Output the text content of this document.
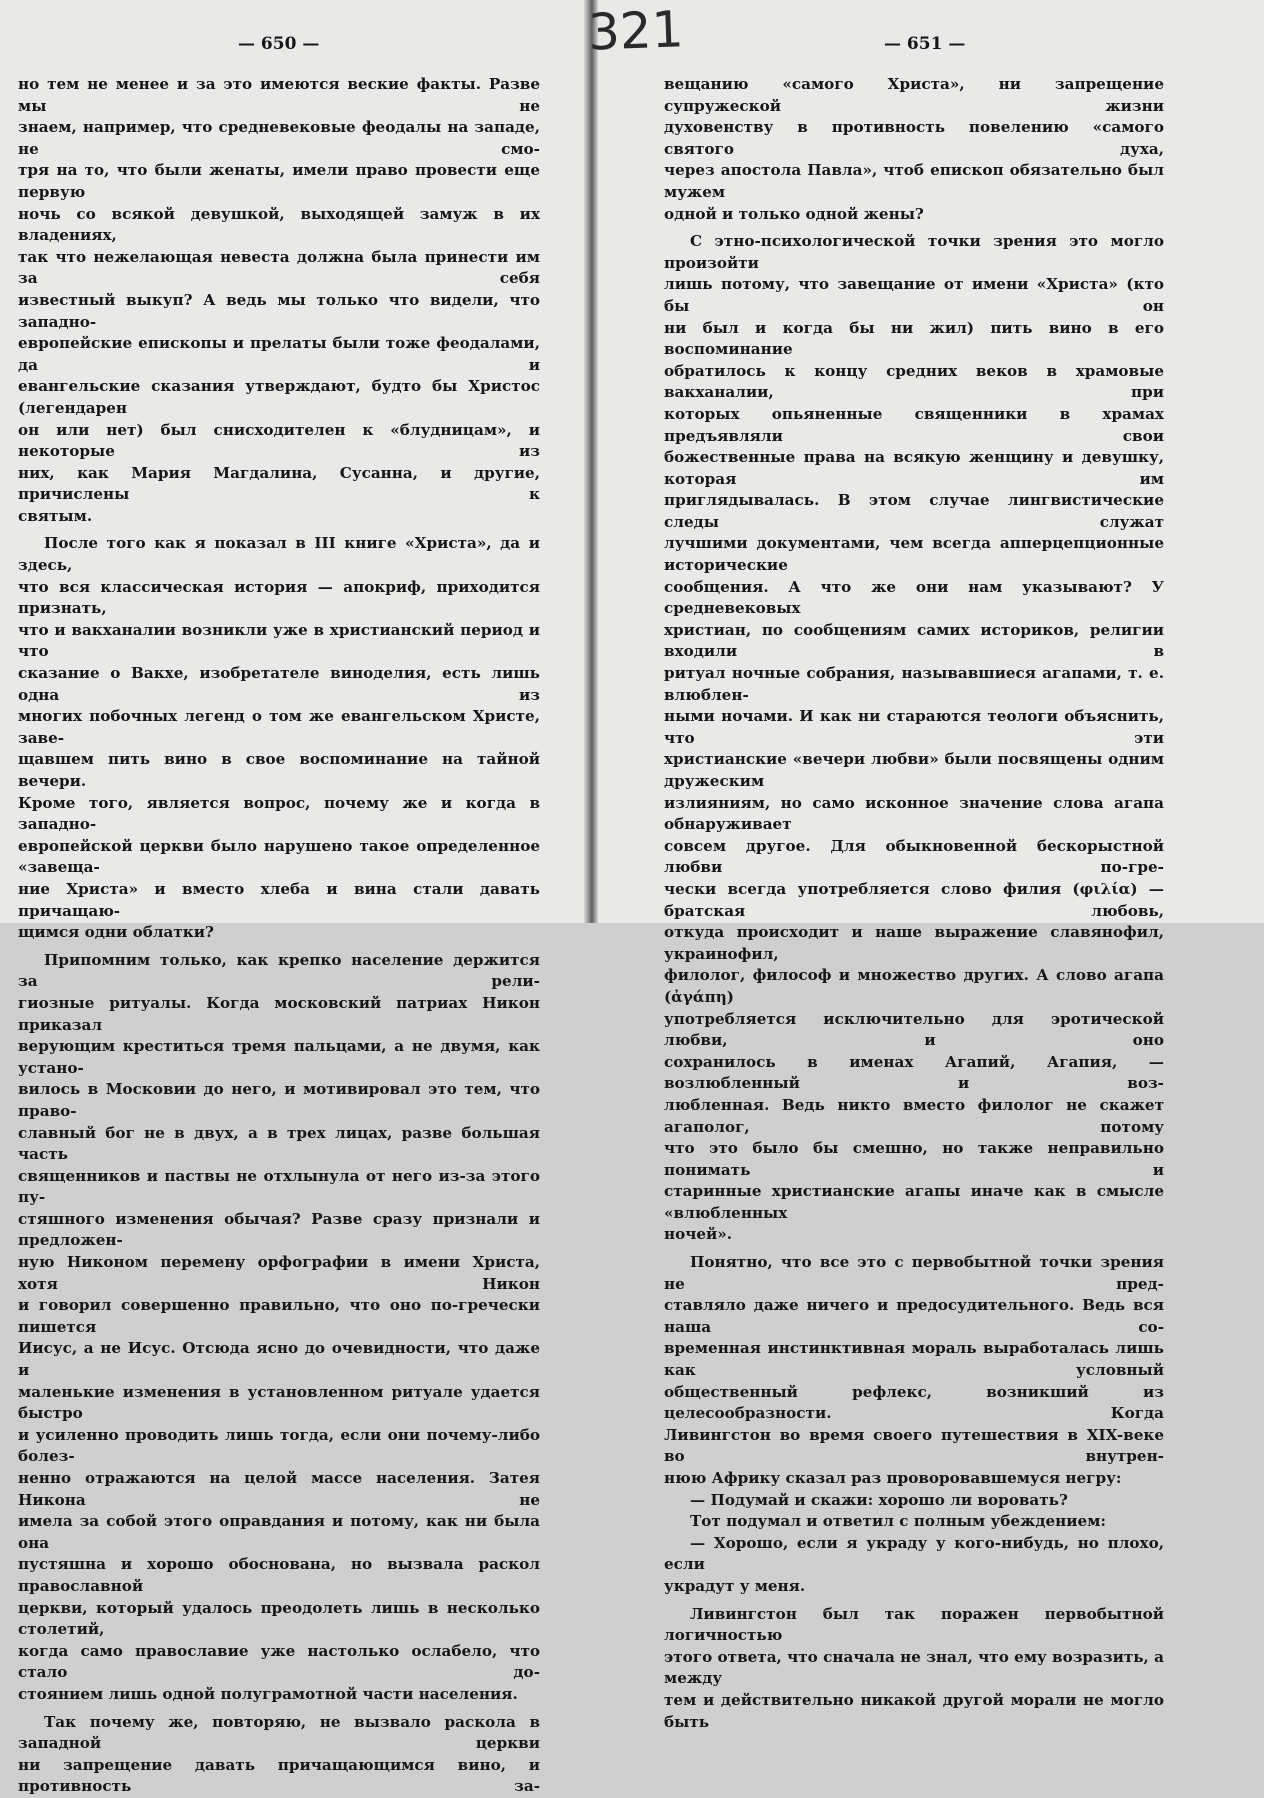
— 650 —

но тем не менее и за это имеются веские факты. Разве мы не

знаем, например, что средневековые феодалы на западе, не смо-

тря на то, что были женаты, имели право провести еще первую

ночь со всякой девушкой, выходящей замуж в их владениях,

так что нежелающая невеста должна была принести им за себя

известный выкуп? А ведь мы только что видели, что западно-

европейские епископы и прелаты были тоже феодалами, да и

евангельские сказания утверждают, будто бы Христос (легендарен

он или нет) был снисходителен к «блудницам», и некоторые из

них, как Мария Магдалина, Сусанна, и другие, причислены к

святым.

После того как я показал в III книге «Христа», да и здесь,

что вся классическая история — апокриф, приходится признать,

что и вакханалии возникли уже в христианский период и что

сказание о Вакхе, изобретателе виноделия, есть лишь одна из

многих побочных легенд о том же евангельском Христе, заве-

щавшем пить вино в свое воспоминание на тайной вечери.

Кроме того, является вопрос, почему же и когда в западно-

европейской церкви было нарушено такое определенное «завеща-

ние Христа» и вместо хлеба и вина стали давать причащаю-

щимся одни облатки?

Припомним только, как крепко население держится за рели-

гиозные ритуалы. Когда московский патриах Никон приказал

верующим креститься тремя пальцами, а не двумя, как устано-

вилось в Московии до него, и мотивировал это тем, что право-

славный бог не в двух, а в трех лицах, разве большая часть

священников и паствы не отхлынула от него из-за этого пу-

стяшного изменения обычая? Разве сразу признали и предложен-

ную Никоном перемену орфографии в имени Христа, хотя Никон

и говорил совершенно правильно, что оно по-гречески пишется

Иисус, а не Исус. Отсюда ясно до очевидности, что даже и

маленькие изменения в установленном ритуале удается быстро

и усиленно проводить лишь тогда, если они почему-либо болез-

ненно отражаются на целой массе населения. Затея Никона не

имела за собой этого оправдания и потому, как ни была она

пустяшна и хорошо обоснована, но вызвала раскол православной

церкви, который удалось преодолеть лишь в несколько столетий,

когда само православие уже настолько ослабело, что стало до-

стоянием лишь одной полуграмотной части населения.

Так почему же, повторяю, не вызвало раскола в западной церкви

ни запрещение давать причащающимся вино, и противность за-

— 651 —

вещанию «самого Христа», ни запрещение супружеской жизни

духовенству в противность повелению «самого святого духа,

через апостола Павла», чтоб епископ обязательно был мужем

одной и только одной жены?

С этно-психологической точки зрения это могло произойти

лишь потому, что завещание от имени «Христа» (кто бы он

ни был и когда бы ни жил) пить вино в его воспоминание

обратилось к концу средних веков в храмовые вакханалии, при

которых опьяненные священники в храмах предъявляли свои

божественные права на всякую женщину и девушку, которая им

приглядывалась. В этом случае лингвистические следы служат

лучшими документами, чем всегда апперцепционные исторические

сообщения. А что же они нам указывают? У средневековых

христиан, по сообщениям самих историков, религии входили в

ритуал ночные собрания, называвшиеся агапами, т. е. влюблен-

ными ночами. И как ни стараются теологи объяснить, что эти

христианские «вечери любви» были посвящены одним дружеским

излияниям, но само исконное значение слова агапа обнаруживает

совсем другое. Для обыкновенной бескорыстной любви по-гре-

чески всегда употребляется слово филия (φιλία) — братская любовь,

откуда происходит и наше выражение славянофил, украинофил,

филолог, философ и множество других. А слово агапа (ἀγάπη)

употребляется исключительно для эротической любви, и оно

сохранилось в именах Агапий, Агапия, — возлюбленный и воз-

любленная. Ведь никто вместо филолог не скажет агаполог, потому

что это было бы смешно, но также неправильно понимать и

старинные христианские агапы иначе как в смысле «влюбленных

ночей».

Понятно, что все это с первобытной точки зрения не пред-

ставляло даже ничего и предосудительного. Ведь вся наша со-

временная инстинктивная мораль выработалась лишь как условный

общественный рефлекс, возникший из целесообразности. Когда

Ливингстон во время своего путешествия в XIX-веке во внутрен-

нюю Африку сказал раз проворовавшемуся негру:

— Подумай и скажи: хорошо ли воровать?

Тот подумал и ответил с полным убеждением:

— Хорошо, если я украду у кого-нибудь, но плохо, если

украдут у меня.

Ливингстон был так поражен первобытной логичностью

этого ответа, что сначала не знал, что ему возразить, а между

тем и действительно никакой другой морали не могло быть

321
